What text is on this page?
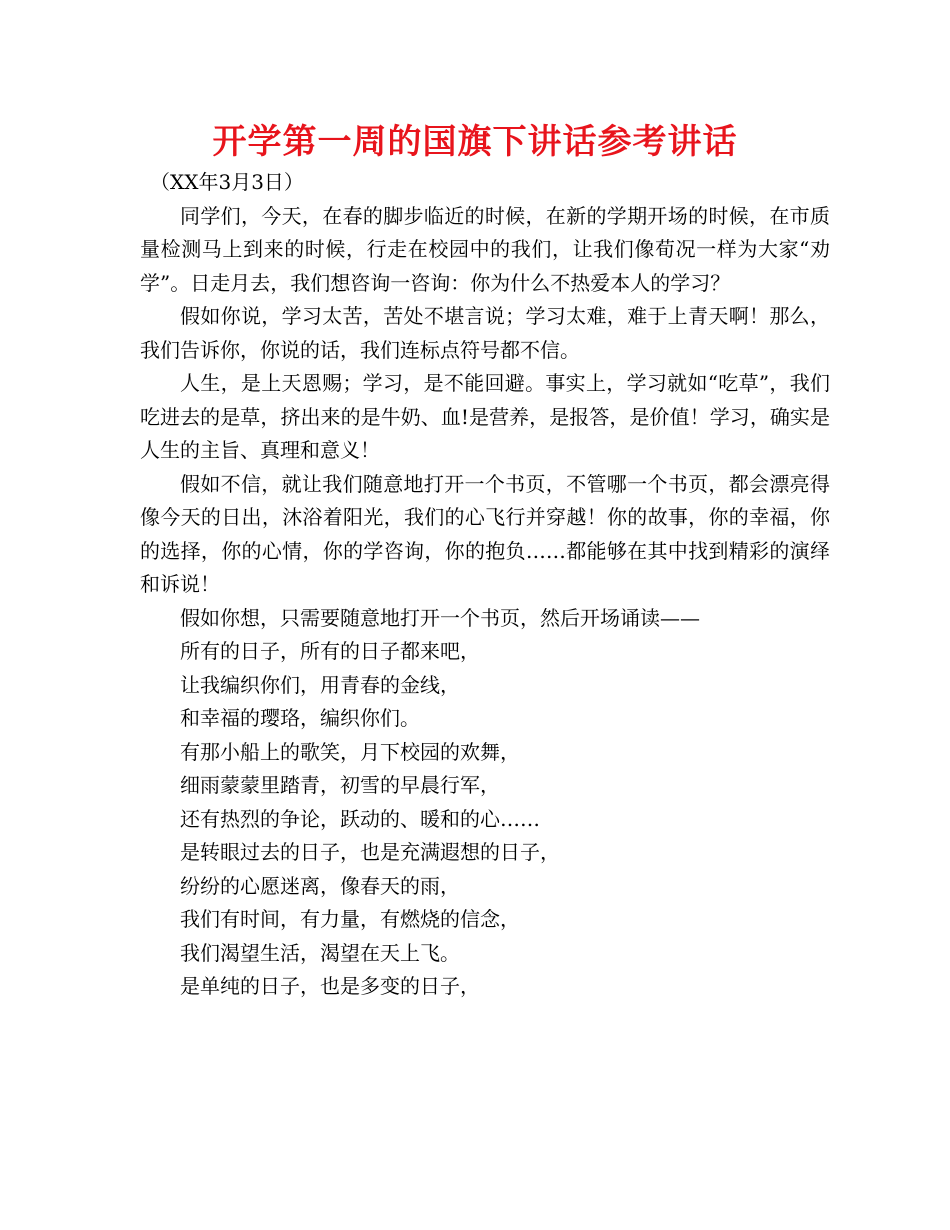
开学第一周的国旗下讲话参考讲话

（XX年3月3日）

同学们，今天，在春的脚步临近的时候，在新的学期开场的时候，在市质量检测马上到来的时候，行走在校园中的我们，让我们像荀况一样为大家“劝学”。日走月去，我们想咨询一咨询：你为什么不热爱本人的学习？

假如你说，学习太苦，苦处不堪言说；学习太难，难于上青天啊！那么，我们告诉你，你说的话，我们连标点符号都不信。

人生，是上天恩赐；学习，是不能回避。事实上，学习就如“吃草”，我们吃进去的是草，挤出来的是牛奶、血!是营养，是报答，是价值！学习，确实是人生的主旨、真理和意义！

假如不信，就让我们随意地打开一个书页，不管哪一个书页，都会漂亮得像今天的日出，沐浴着阳光，我们的心飞行并穿越！你的故事，你的幸福，你的选择，你的心情，你的学咨询，你的抱负……都能够在其中找到精彩的演绎和诉说！

假如你想，只需要随意地打开一个书页，然后开场诵读——

所有的日子，所有的日子都来吧，

让我编织你们，用青春的金线，

和幸福的璎珞，编织你们。

有那小船上的歌笑，月下校园的欢舞，

细雨蒙蒙里踏青，初雪的早晨行军，

还有热烈的争论，跃动的、暖和的心……

是转眼过去的日子，也是充满遐想的日子，

纷纷的心愿迷离，像春天的雨，

我们有时间，有力量，有燃烧的信念，

我们渴望生活，渴望在天上飞。

是单纯的日子，也是多变的日子，
